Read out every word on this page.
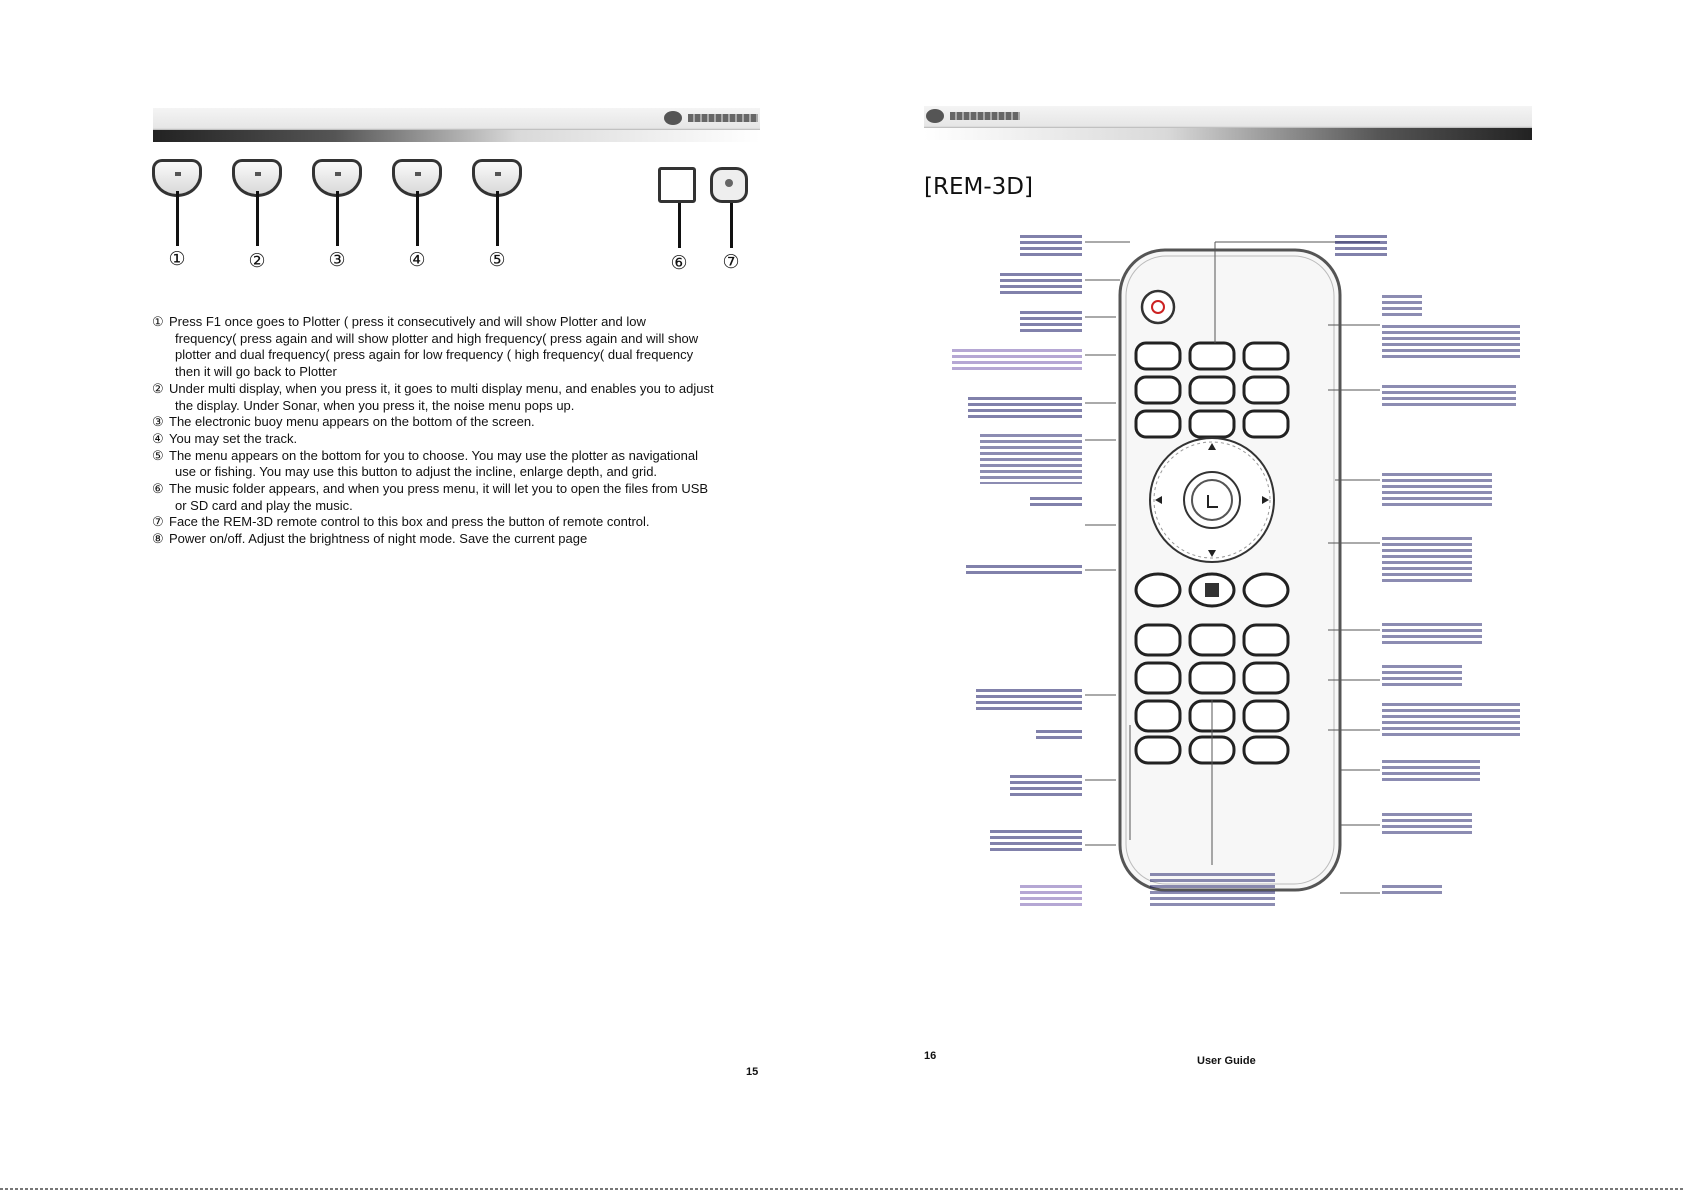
①	②	③	④	⑤	⑥ ⑦
① Press F1 once goes to Plotter ( press it consecutively and will show Plotter and low
frequency( press again and will show plotter and high frequency( press again and will show
plotter and dual frequency( press again for low frequency ( high frequency( dual frequency
then it will go back to Plotter
② Under multi display, when you press it, it goes to multi display menu, and enables you to adjust
the display. Under Sonar, when you press it, the noise menu pops up.
③ The electronic buoy menu appears on the bottom of the screen.
④ You may set the track.
⑤ The menu appears on the bottom for you to choose. You may use the plotter as navigational
use or fishing. You may use this button to adjust the incline, enlarge depth, and grid.
⑥ The music folder appears, and when you press menu, it will let you to open the files from USB
or SD card and play the music.
⑦ Face the REM-3D remote control to this box and press the button of remote control.
⑧ Power on/off. Adjust the brightness of night mode. Save the current page
15
16	User Guide
[REM-3D]
